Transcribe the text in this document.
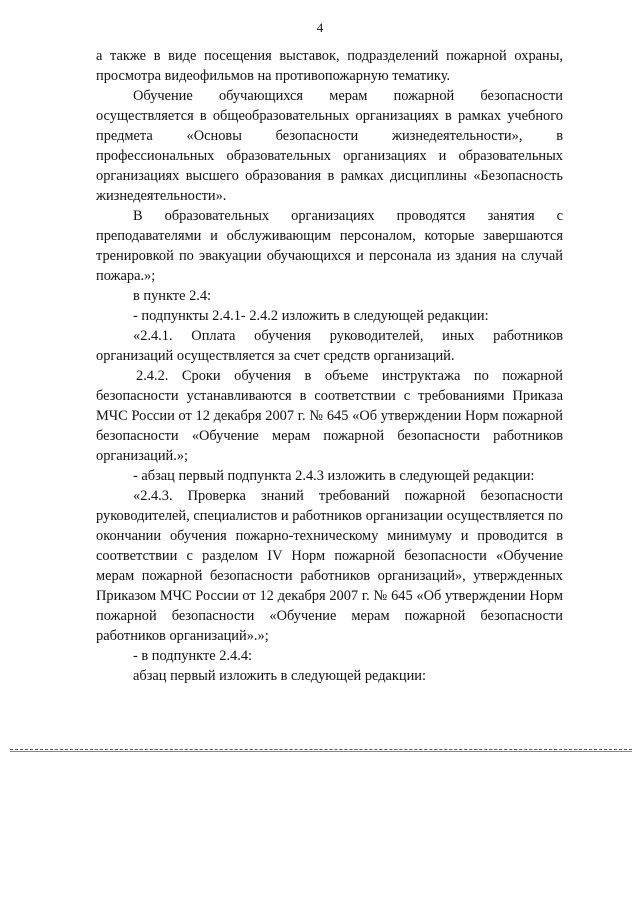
4

а также в виде посещения выставок, подразделений пожарной охраны, просмотра видеофильмов на противопожарную тематику.

Обучение обучающихся мерам пожарной безопасности осуществляется в общеобразовательных организациях в рамках учебного предмета «Основы безопасности жизнедеятельности», в профессиональных образовательных организациях и образовательных организациях высшего образования в рамках дисциплины «Безопасность жизнедеятельности».

В образовательных организациях проводятся занятия с преподавателями и обслуживающим персоналом, которые завершаются тренировкой по эвакуации обучающихся и персонала из здания на случай пожара.»;

в пункте 2.4:

- подпункты 2.4.1- 2.4.2 изложить в следующей редакции:

«2.4.1. Оплата обучения руководителей, иных работников организаций осуществляется за счет средств организаций.

2.4.2. Сроки обучения в объеме инструктажа по пожарной безопасности устанавливаются в соответствии с требованиями Приказа МЧС России от 12 декабря 2007 г. № 645 «Об утверждении Норм пожарной безопасности «Обучение мерам пожарной безопасности работников организаций.»;

- абзац первый подпункта 2.4.3 изложить в следующей редакции:

«2.4.3. Проверка знаний требований пожарной безопасности руководителей, специалистов и работников организации осуществляется по окончании обучения пожарно-техническому минимуму и проводится в соответствии с разделом IV Норм пожарной безопасности «Обучение мерам пожарной безопасности работников организаций», утвержденных Приказом МЧС России от 12 декабря 2007 г. № 645 «Об утверждении Норм пожарной безопасности «Обучение мерам пожарной безопасности работников организаций».»;

- в подпункте 2.4.4:

абзац первый изложить в следующей редакции:
